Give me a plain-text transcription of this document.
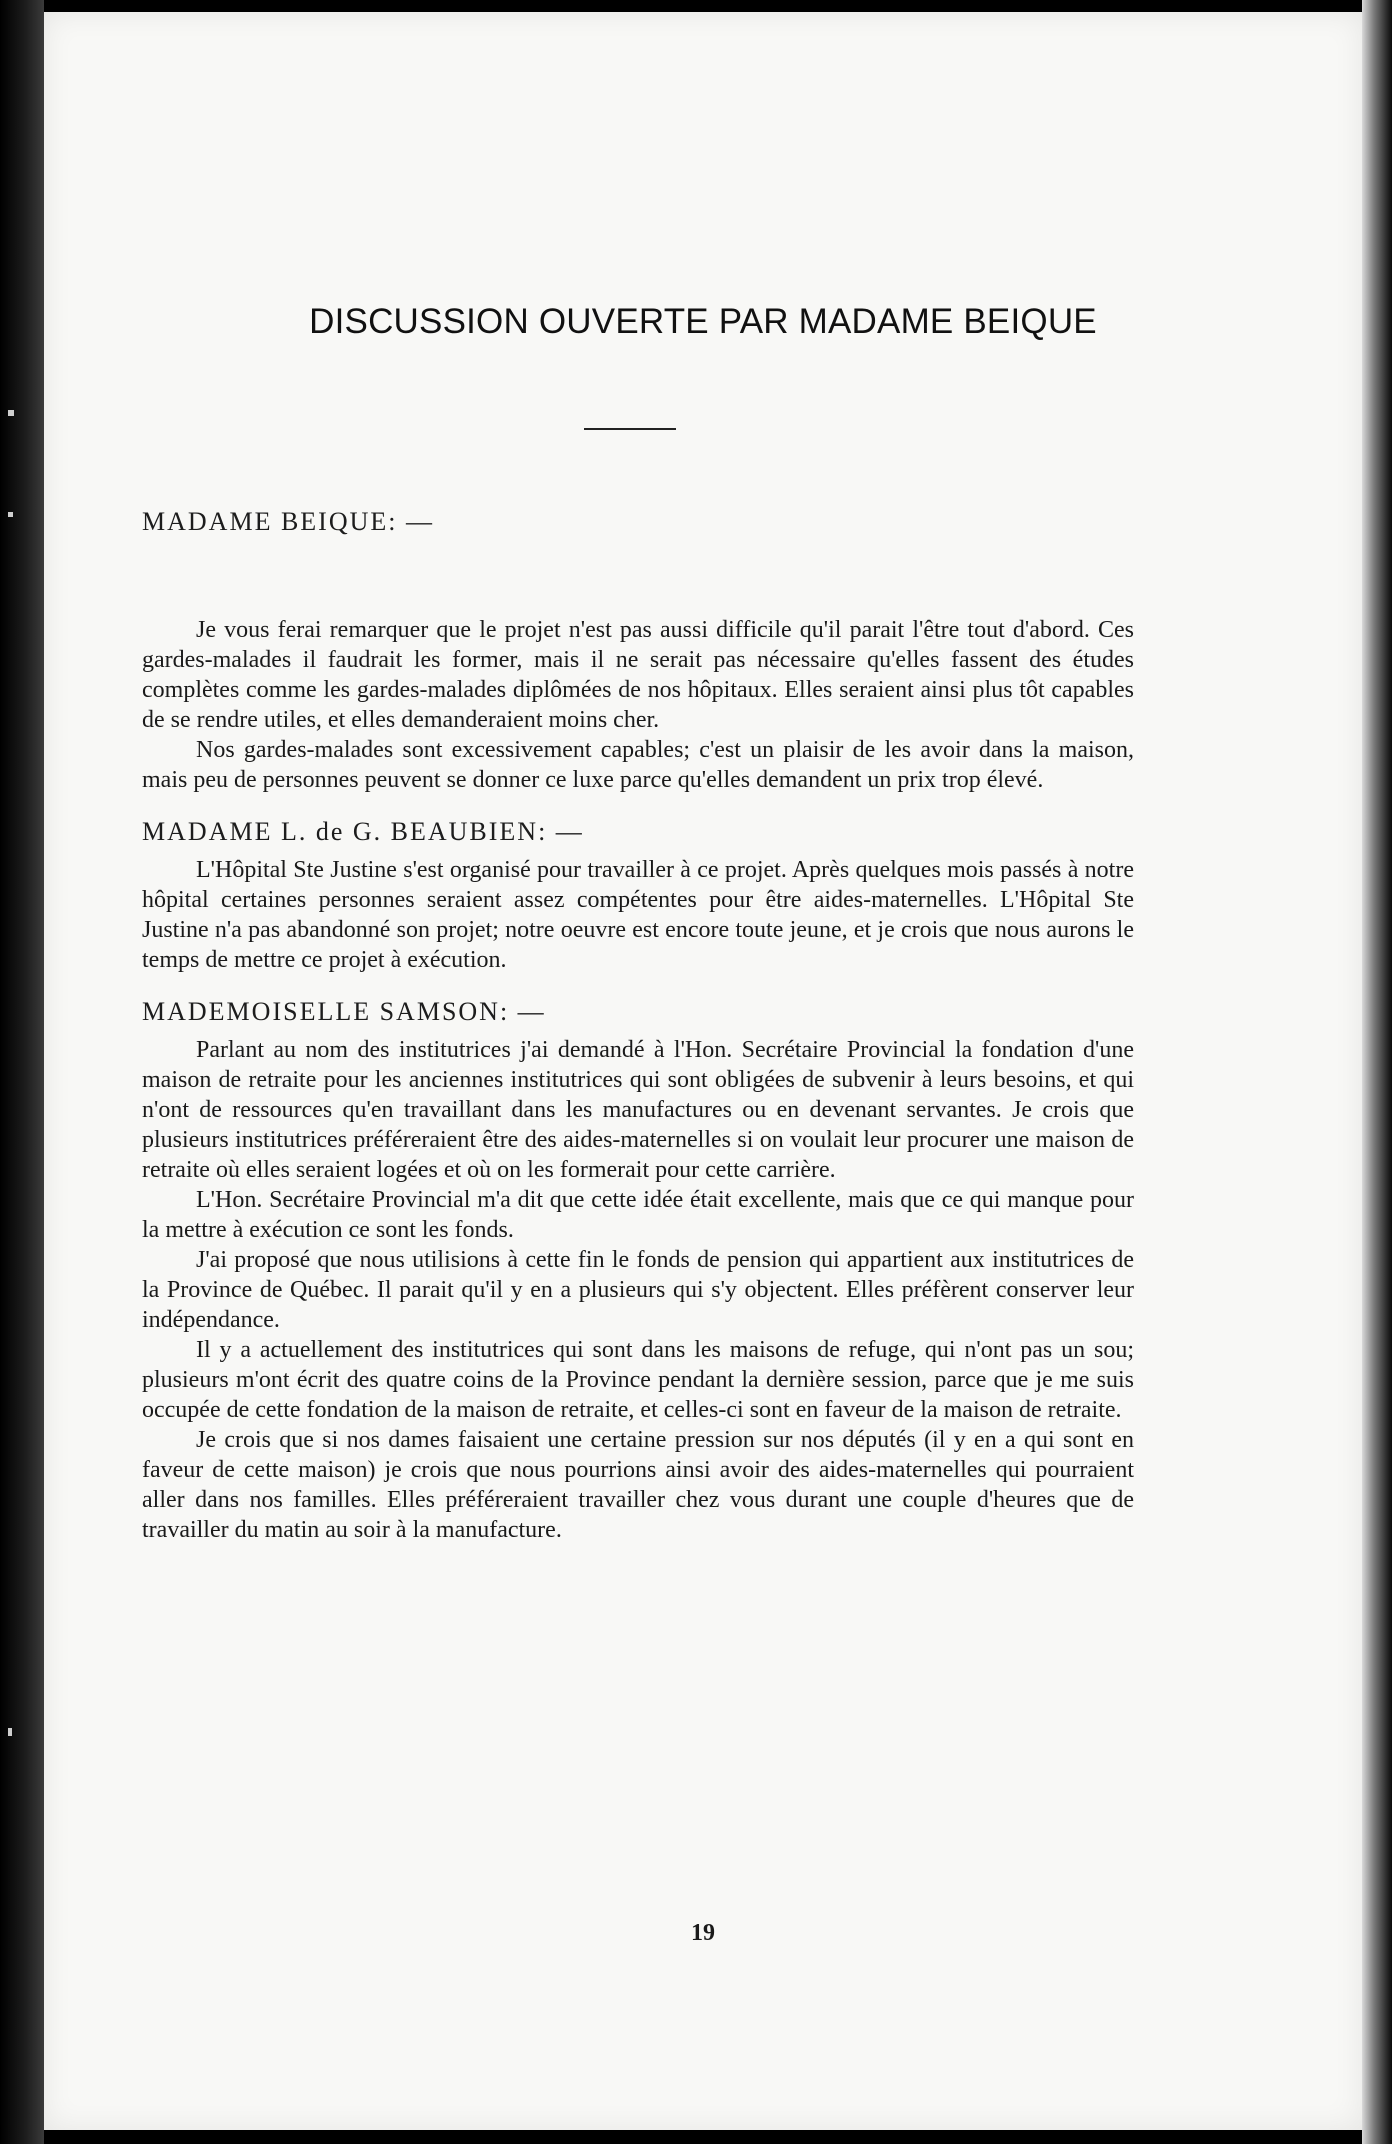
DISCUSSION OUVERTE PAR MADAME BEIQUE
MADAME BEIQUE: —

Je vous ferai remarquer que le projet n'est pas aussi difficile qu'il parait l'être tout d'abord. Ces gardes-malades il faudrait les former, mais il ne serait pas nécessaire qu'elles fassent des études complètes comme les gardes-malades diplômées de nos hôpitaux. Elles seraient ainsi plus tôt capables de se rendre utiles, et elles demanderaient moins cher.

Nos gardes-malades sont excessivement capables; c'est un plaisir de les avoir dans la maison, mais peu de personnes peuvent se donner ce luxe parce qu'elles demandent un prix trop élevé.

MADAME L. de G. BEAUBIEN: —

L'Hôpital Ste Justine s'est organisé pour travailler à ce projet. Après quelques mois passés à notre hôpital certaines personnes seraient assez compétentes pour être aides-maternelles. L'Hôpital Ste Justine n'a pas abandonné son projet; notre oeuvre est encore toute jeune, et je crois que nous aurons le temps de mettre ce projet à exécution.

MADEMOISELLE SAMSON: —

Parlant au nom des institutrices j'ai demandé à l'Hon. Secrétaire Provincial la fondation d'une maison de retraite pour les anciennes institutrices qui sont obligées de subvenir à leurs besoins, et qui n'ont de ressources qu'en travaillant dans les manufactures ou en devenant servantes. Je crois que plusieurs institutrices préféreraient être des aides-maternelles si on voulait leur procurer une maison de retraite où elles seraient logées et où on les formerait pour cette carrière.

L'Hon. Secrétaire Provincial m'a dit que cette idée était excellente, mais que ce qui manque pour la mettre à exécution ce sont les fonds.

J'ai proposé que nous utilisions à cette fin le fonds de pension qui appartient aux institutrices de la Province de Québec. Il parait qu'il y en a plusieurs qui s'y objectent. Elles préfèrent conserver leur indépendance.

Il y a actuellement des institutrices qui sont dans les maisons de refuge, qui n'ont pas un sou; plusieurs m'ont écrit des quatre coins de la Province pendant la dernière session, parce que je me suis occupée de cette fondation de la maison de retraite, et celles-ci sont en faveur de la maison de retraite.

Je crois que si nos dames faisaient une certaine pression sur nos députés (il y en a qui sont en faveur de cette maison) je crois que nous pourrions ainsi avoir des aides-maternelles qui pourraient aller dans nos familles. Elles préféreraient travailler chez vous durant une couple d'heures que de travailler du matin au soir à la manufacture.

19
